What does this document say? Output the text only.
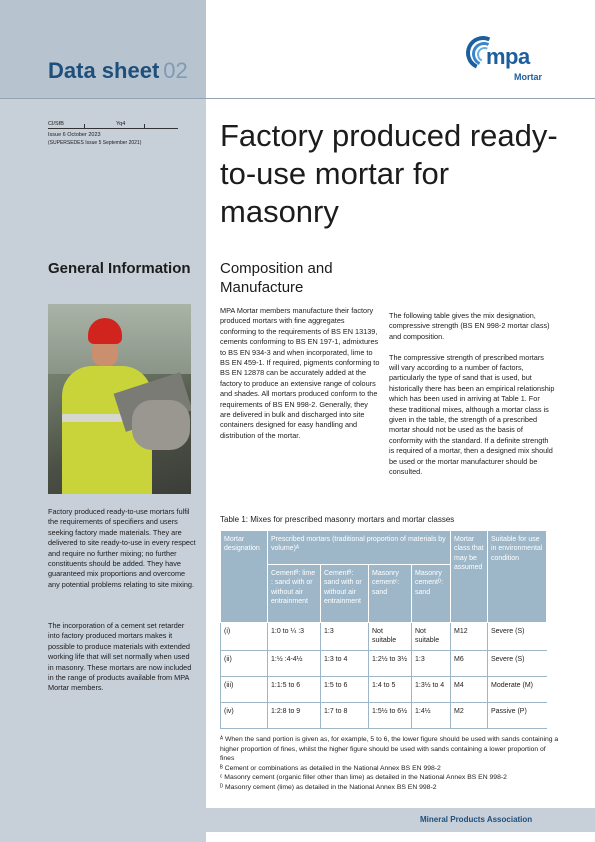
Data sheet 02
mpa
Mortar
CI/SfB	Yq4
Issue 6 October 2023
(SUPERSEDES Issue 5 September 2021)
General Information
Factory produced ready-to-use mortars fulfil the requirements of specifiers and users seeking factory made materials. They are delivered to site ready-to-use in every respect and require no further mixing; no further constituents should be added. They have guaranteed mix proportions and overcome any potential problems relating to site mixing.
The incorporation of a cement set retarder into factory produced mortars makes it possible to produce materials with extended working life that will set normally when used in masonry. These mortars are now included in the range of products available from MPA Mortar members.
Factory produced ready-to-use mortar for masonry
Composition and Manufacture
MPA Mortar members manufacture their factory produced mortars with fine aggregates conforming to the requirements of BS EN 13139, cements conforming to BS EN 197-1, admixtures to BS EN 934-3 and when incorporated, lime to BS EN 459-1. If required, pigments conforming to BS EN 12878 can be accurately added at the factory to produce an extensive range of colours and shades. All mortars produced conform to the requirements of BS EN 998-2. Generally, they are delivered in bulk and discharged into site containers designed for easy handling and distribution of the mortar.

The following table gives the mix designation, compressive strength (BS EN 998-2 mortar class) and composition.

The compressive strength of prescribed mortars will vary according to a number of factors, particularly the type of sand that is used, but historically there has been an empirical relationship which has been used in arriving at Table 1. For these traditional mixes, although a mortar class is given in the table, the strength of a prescribed mortar should not be used as the basis of conformity with the standard. If a definite strength is required of a mortar, then a designed mix should be used or the mortar manufacturer should be consulted.

Table 1: Mixes for prescribed masonry mortars and mortar classes
Mortar designation	Prescribed mortars (traditional proportion of materials by volume)ᴬ				Mortar class that may be assumed	Suitable for use in environmental condition
	Cementᴮ: lime : sand with or without air entrainment	Cementᴮ: sand with or without air entrainment	Masonry cementᶜ: sand	Masonry cementᴰ: sand		
(i)	1:0 to ¼ :3	1:3	Not suitable	Not suitable	M12	Severe (S)
(ii)	1:½ :4-4½	1:3 to 4	1:2½ to 3½	1:3	M6	Severe (S)
(iii)	1:1:5 to 6	1:5 to 6	1:4 to 5	1:3½ to 4	M4	Moderate (M)
(iv)	1:2:8 to 9	1:7 to 8	1:5½ to 6½	1:4½	M2	Passive (P)
ᴬ When the sand portion is given as, for example, 5 to 6, the lower figure should be used with sands containing a higher proportion of fines, whilst the higher figure should be used with sands containing a lower proportion of fines
ᴮ Cement or combinations as detailed in the National Annex BS EN 998-2
ᶜ Masonry cement (organic filler other than lime) as detailed in the National Annex BS EN 998-2
ᴰ Masonry cement (lime) as detailed in the National Annex BS EN 998-2
Mineral Products Association
